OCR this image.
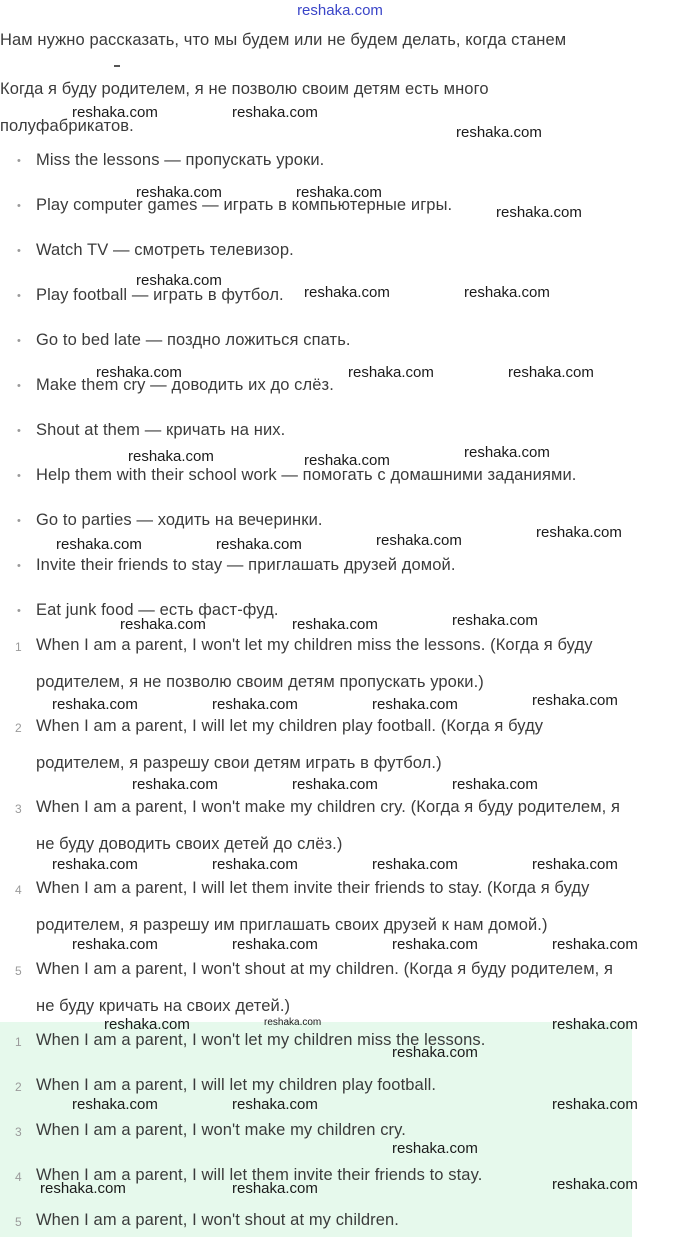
reshaka.com
Нам нужно рассказать, что мы будем или не будем делать, когда станем
Когда я буду родителем, я не позволю своим детям есть много
полуфабрикатов.
• Miss the lessons — пропускать уроки.
• Play computer games — играть в компьютерные игры.
• Watch TV — смотреть телевизор.
• Play football — играть в футбол.
• Go to bed late — поздно ложиться спать.
• Make them cry — доводить их до слёз.
• Shout at them — кричать на них.
• Help them with their school work — помогать с домашними заданиями.
• Go to parties — ходить на вечеринки.
• Invite their friends to stay — приглашать друзей домой.
• Eat junk food — есть фаст-фуд.
1 When I am a parent, I won't let my children miss the lessons. (Когда я буду
родителем, я не позволю своим детям пропускать уроки.)
2 When I am a parent, I will let my children play football. (Когда я буду
родителем, я разрешу свои детям играть в футбол.)
3 When I am a parent, I won't make my children cry. (Когда я буду родителем, я
не буду доводить своих детей до слёз.)
4 When I am a parent, I will let them invite their friends to stay. (Когда я буду
родителем, я разрешу им приглашать своих друзей к нам домой.)
5 When I am a parent, I won't shout at my children. (Когда я буду родителем, я
не буду кричать на своих детей.)
1 When I am a parent, I won't let my children miss the lessons.
2 When I am a parent, I will let my children play football.
3 When I am a parent, I won't make my children cry.
4 When I am a parent, I will let them invite their friends to stay.
5 When I am a parent, I won't shout at my children.
reshaka.com	reshaka.com
reshaka.com
reshaka.com	reshaka.com
reshaka.com
reshaka.com
reshaka.com	reshaka.com
reshaka.com	reshaka.com	reshaka.com
reshaka.com	reshaka.com	reshaka.com
reshaka.com
reshaka.com	reshaka.com	reshaka.com
reshaka.com	reshaka.com	reshaka.com
reshaka.com	reshaka.com	reshaka.com	reshaka.com
reshaka.com	reshaka.com	reshaka.com
reshaka.com	reshaka.com	reshaka.com	reshaka.com
reshaka.com	reshaka.com	reshaka.com	reshaka.com
reshaka.com	reshaka.com	reshaka.com
reshaka.com
reshaka.com	reshaka.com	reshaka.com
reshaka.com
reshaka.com	reshaka.com	reshaka.com
